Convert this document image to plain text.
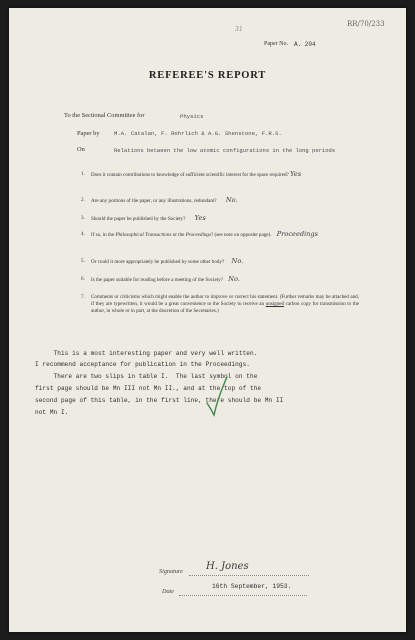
RR/70/233
31
Paper No. A. 204
REFEREE'S REPORT
To the Sectional Committee for	Physics
Paper by	M.A. Catalan, F. Rohrlich & A.G. Shenstone, F.R.S.
On	Relations between the low atomic configurations in the long periods
1. Does it contain contributions to knowledge of sufficient scientific interest for the space required? Yes
2. Are any portions of the paper, or any illustrations, redundant? No.
3. Should the paper be published by the Society? Yes
4. If so, in the Philosophical Transactions or the Proceedings? (see note on opposite page). Proceedings
5. Or could it more appropriately be published by some other body? No.
6. Is the paper suitable for reading before a meeting of the Society? No.
7. Comments or criticisms which might enable the author to improve or correct his statement. (Further remarks may be attached and, if they are typewritten, it would be a great convenience to the Society to receive an unsigned carbon copy for transmission to the author, in whole or in part, at the discretion of the Secretaries.)
This is a most interesting paper and very well written.
I recommend acceptance for publication in the Proceedings.
There are two slips in table I.  The last symbol on the
first page should be Mn III not Mn II., and at the top of the
second page of this table, in the first line, there should be Mn II
not Mn I.
Signature H. Jones
Date
16th September, 1953.
